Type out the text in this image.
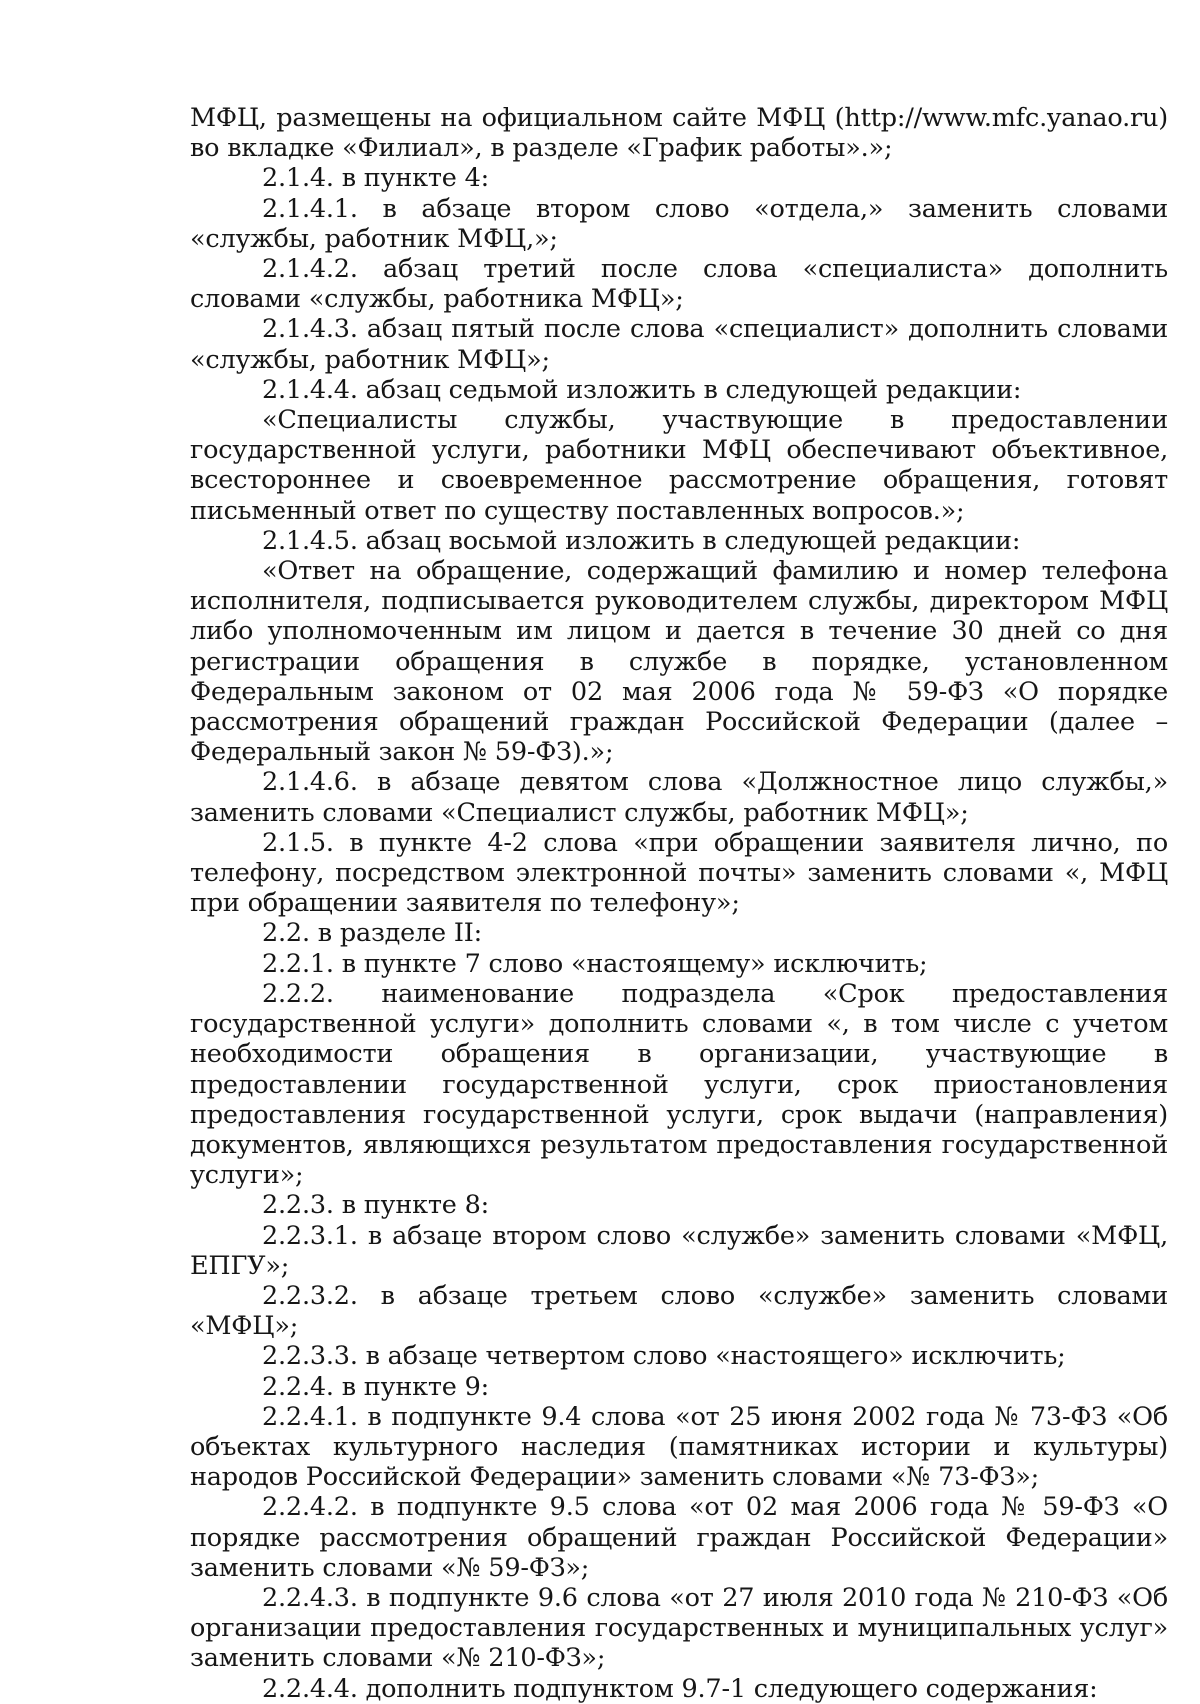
МФЦ, размещены на официальном сайте МФЦ (http://www.mfc.yanao.ru) во вкладке «Филиал», в разделе «График работы».»;

2.1.4. в пункте 4:

2.1.4.1. в абзаце втором слово «отдела,» заменить словами «службы, работник МФЦ,»;

2.1.4.2. абзац третий после слова «специалиста» дополнить словами «службы, работника МФЦ»;

2.1.4.3. абзац пятый после слова «специалист» дополнить словами «службы, работник МФЦ»;

2.1.4.4. абзац седьмой изложить в следующей редакции:

«Специалисты службы, участвующие в предоставлении государственной услуги, работники МФЦ обеспечивают объективное, всестороннее и своевременное рассмотрение обращения, готовят письменный ответ по существу поставленных вопросов.»;

2.1.4.5. абзац восьмой изложить в следующей редакции:

«Ответ на обращение, содержащий фамилию и номер телефона исполнителя, подписывается руководителем службы, директором МФЦ либо уполномоченным им лицом и дается в течение 30 дней со дня регистрации обращения в службе в порядке, установленном Федеральным законом от 02 мая 2006 года № 59-ФЗ «О порядке рассмотрения обращений граждан Российской Федерации (далее – Федеральный закон № 59-ФЗ).»;

2.1.4.6. в абзаце девятом слова «Должностное лицо службы,» заменить словами «Специалист службы, работник МФЦ»;

2.1.5. в пункте 4-2 слова «при обращении заявителя лично, по телефону, посредством электронной почты» заменить словами «, МФЦ при обращении заявителя по телефону»;

2.2. в разделе II:

2.2.1. в пункте 7 слово «настоящему» исключить;

2.2.2. наименование подраздела «Срок предоставления государственной услуги» дополнить словами «, в том числе с учетом необходимости обращения в организации, участвующие в предоставлении государственной услуги, срок приостановления предоставления государственной услуги, срок выдачи (направления) документов, являющихся результатом предоставления государственной услуги»;

2.2.3. в пункте 8:

2.2.3.1. в абзаце втором слово «службе» заменить словами «МФЦ, ЕПГУ»;

2.2.3.2. в абзаце третьем слово «службе» заменить словами «МФЦ»;

2.2.3.3. в абзаце четвертом слово «настоящего» исключить;

2.2.4. в пункте 9:

2.2.4.1. в подпункте 9.4 слова «от 25 июня 2002 года № 73-ФЗ «Об объектах культурного наследия (памятниках истории и культуры) народов Российской Федерации» заменить словами «№ 73-ФЗ»;

2.2.4.2. в подпункте 9.5 слова «от 02 мая 2006 года № 59-ФЗ «О порядке рассмотрения обращений граждан Российской Федерации» заменить словами «№ 59-ФЗ»;

2.2.4.3. в подпункте 9.6 слова «от 27 июля 2010 года № 210-ФЗ «Об организации предоставления государственных и муниципальных услуг» заменить словами «№ 210-ФЗ»;

2.2.4.4. дополнить подпунктом 9.7-1 следующего содержания:
